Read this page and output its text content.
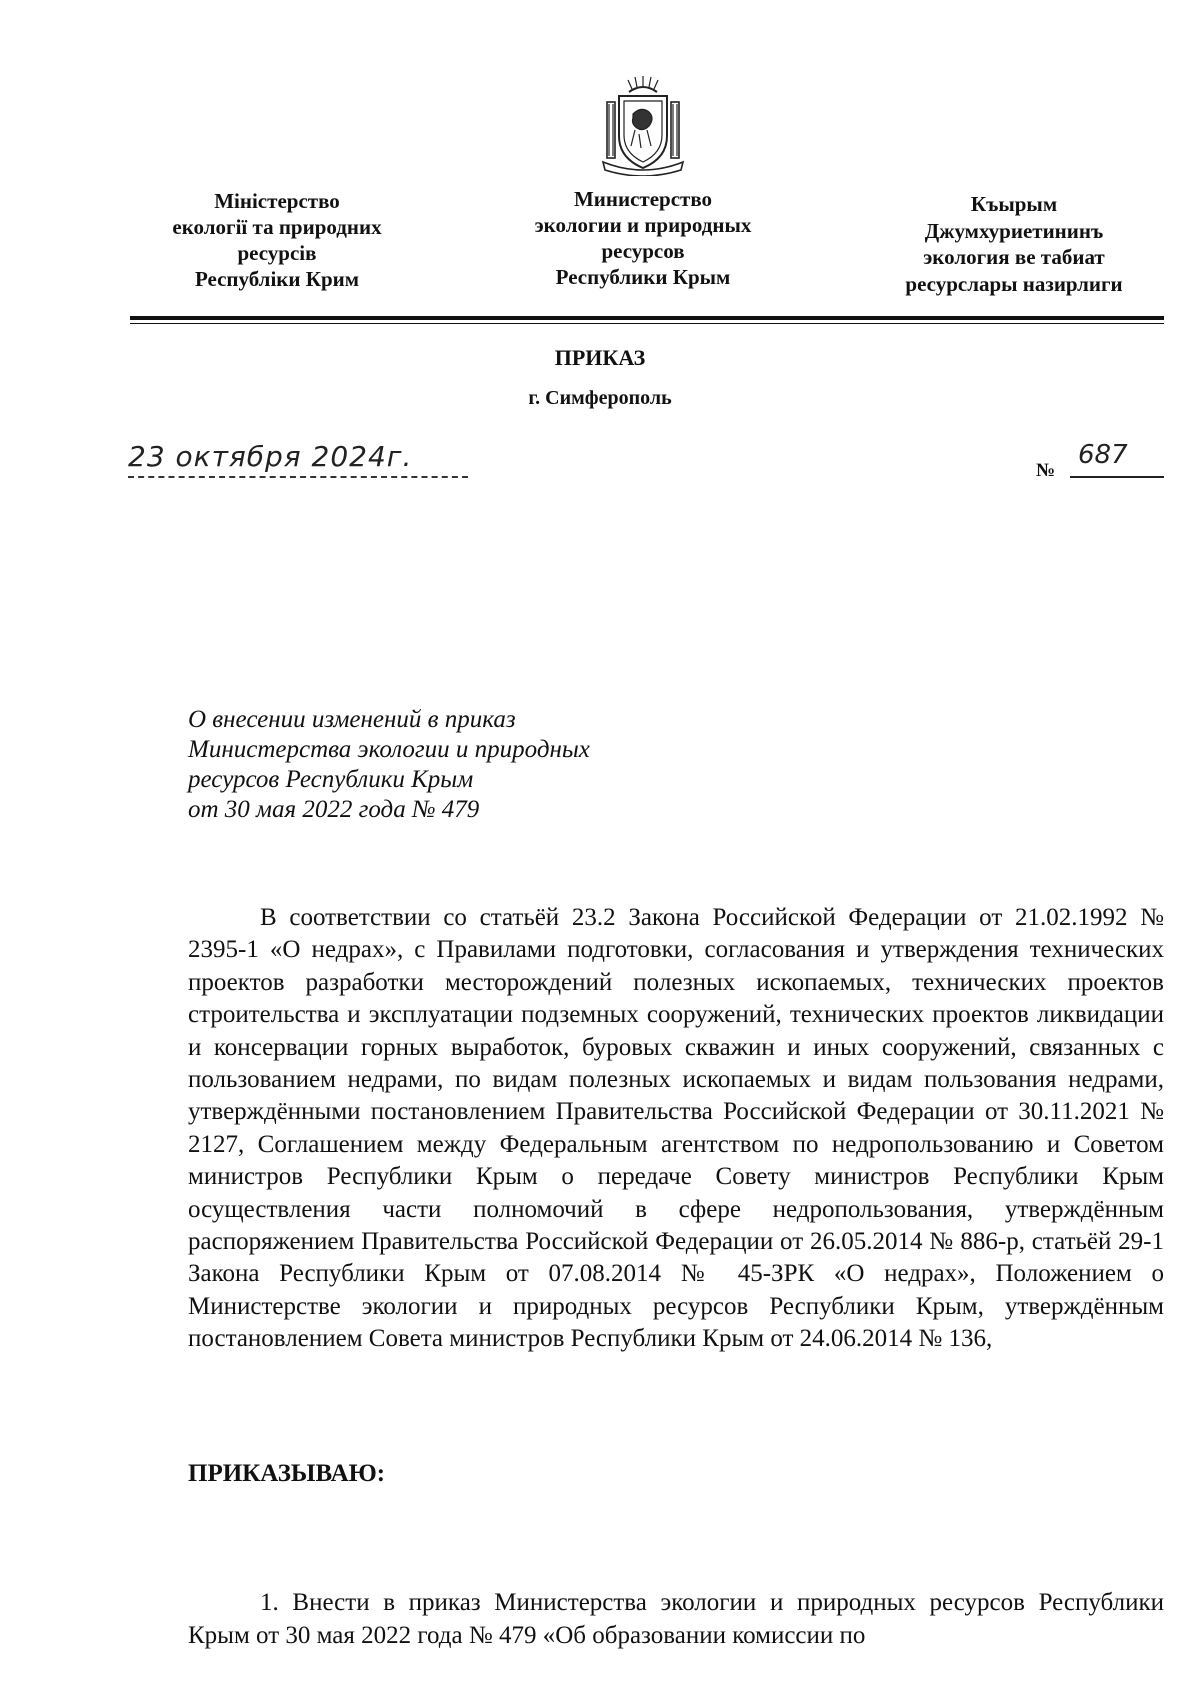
Міністерство
екології та природних
ресурсів
Республіки Крим
Министерство
экологии и природных
ресурсов
Республики Крым
Къырым
Джумхуриетининъ
экология ве табиат
ресурслары назирлиги
ПРИКАЗ
г. Симферополь
23 октября 2024г.	№
687
О внесении изменений в приказ
Министерства экологии и природных
ресурсов Республики Крым
от 30 мая 2022 года № 479

В соответствии со статьёй 23.2 Закона Российской Федерации от 21.02.1992 № 2395-1 «О недрах», с Правилами подготовки, согласования и утверждения технических проектов разработки месторождений полезных ископаемых, технических проектов строительства и эксплуатации подземных сооружений, технических проектов ликвидации и консервации горных выработок, буровых скважин и иных сооружений, связанных с пользованием недрами, по видам полезных ископаемых и видам пользования недрами, утверждёнными постановлением Правительства Российской Федерации от 30.11.2021 № 2127, Соглашением между Федеральным агентством по недропользованию и Советом министров Республики Крым о передаче Совету министров Республики Крым осуществления части полномочий в сфере недропользования, утверждённым распоряжением Правительства Российской Федерации от 26.05.2014 № 886-р, статьёй 29-1 Закона Республики Крым от 07.08.2014 № 45-ЗРК «О недрах», Положением о Министерстве экологии и природных ресурсов Республики Крым, утверждённым постановлением Совета министров Республики Крым от 24.06.2014 № 136,

ПРИКАЗЫВАЮ:

1. Внести в приказ Министерства экологии и природных ресурсов Республики Крым от 30 мая 2022 года № 479 «Об образовании комиссии по
